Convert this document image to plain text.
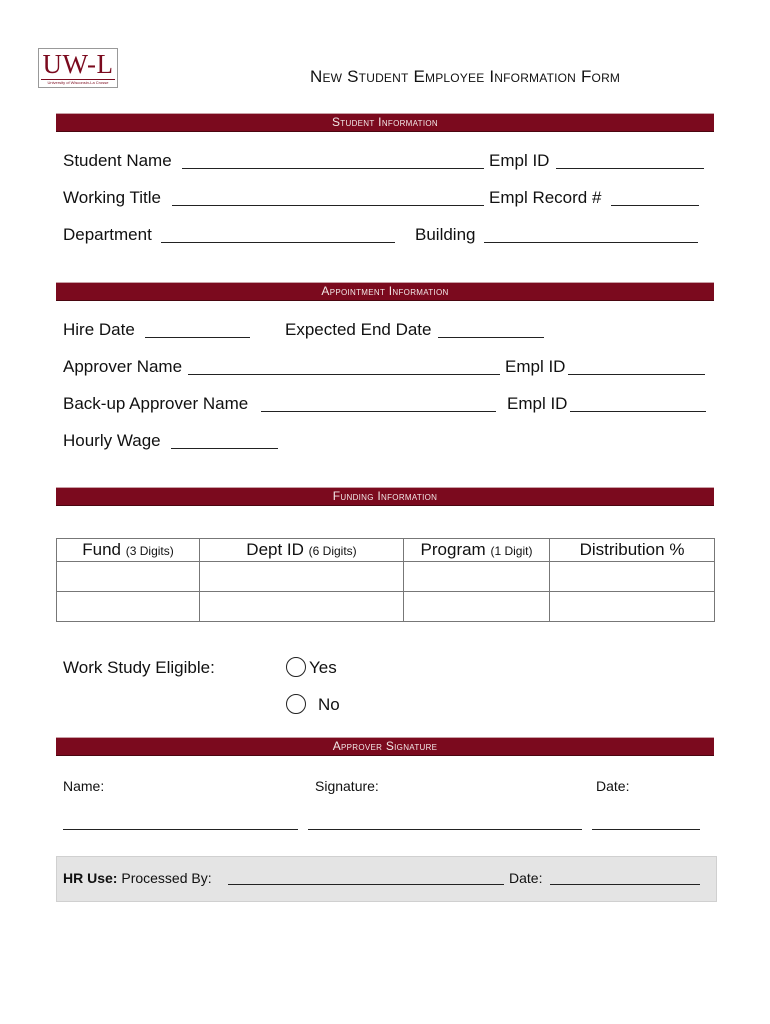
UW-L
University of Wisconsin-La Crosse	New Student Employee Information Form
Student Information
Student Name	Empl ID
Working Title	Empl Record #
Department	Building
Appointment Information
Hire Date	Expected End Date
Approver Name	Empl ID
Back-up Approver Name	Empl ID
Hourly Wage
Funding Information
Fund (3 Digits)	Dept ID (6 Digits)	Program (1 Digit)	Distribution %

Work Study Eligible:	Yes
No
Approver Signature
Name:	Signature:	Date:
HR Use: Processed By:	Date:
